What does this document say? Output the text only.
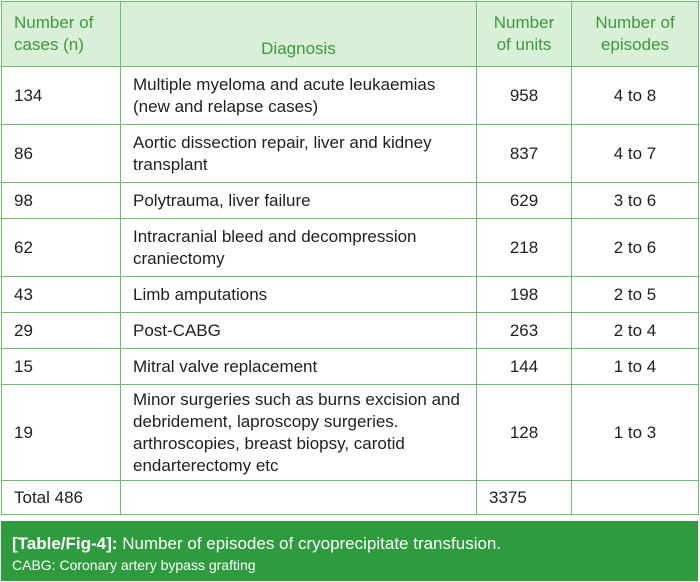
Number of cases (n)	Diagnosis	Number of units	Number of episodes
134	Multiple myeloma and acute leukaemias (new and relapse cases)	958	4 to 8
86	Aortic dissection repair, liver and kidney transplant	837	4 to 7
98	Polytrauma, liver failure	629	3 to 6
62	Intracranial bleed and decompression craniectomy	218	2 to 6
43	Limb amputations	198	2 to 5
29	Post-CABG	263	2 to 4
15	Mitral valve replacement	144	1 to 4
19	Minor surgeries such as burns excision and debridement, laproscopy surgeries. arthroscopies, breast biopsy, carotid endarterectomy etc	128	1 to 3
Total 486		3375	
[Table/Fig-4]: Number of episodes of cryoprecipitate transfusion.
CABG: Coronary artery bypass grafting
